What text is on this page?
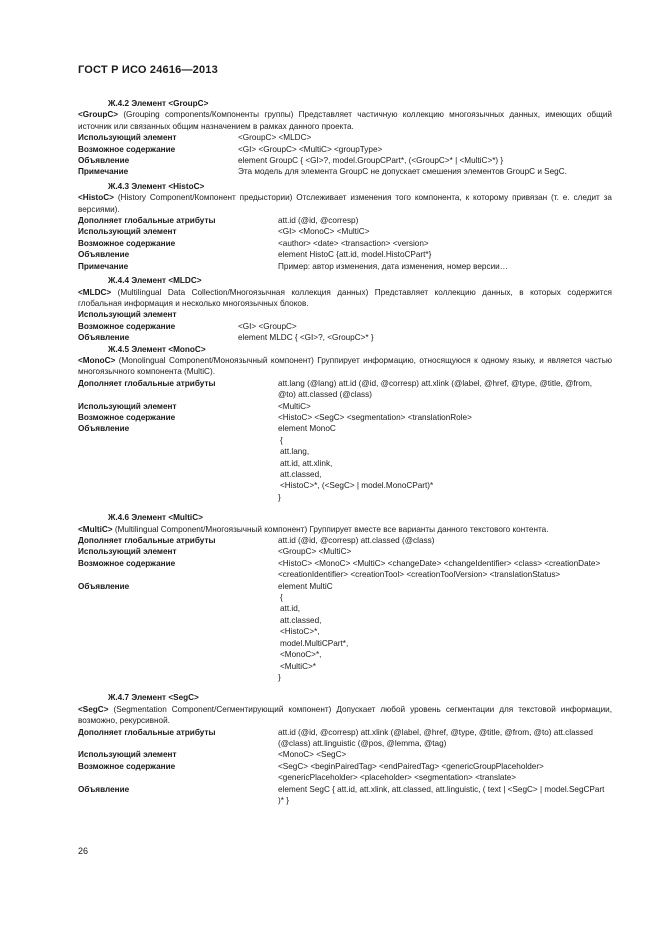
ГОСТ Р ИСО 24616—2013
Ж.4.2 Элемент <GroupC>
<GroupC> (Grouping components/Компоненты группы) Представляет частичную коллекцию многоязычных данных, имеющих общий источник или связанных общим назначением в рамках данного проекта.
Использующий элемент	<GroupC> <MLDC>
Возможное содержание	<GI> <GroupC> <MultiC> <groupType>
Объявление	element GroupC { <GI>?, model.GroupCPart*, (<GroupC>* | <MultiC>*) }
Примечание	Эта модель для элемента GroupC не допускает смешения элементов GroupC и SegC.
Ж.4.3 Элемент <HistoC>
<HistoC> (History Component/Компонент предыстории) Отслеживает изменения того компонента, к которому привязан (т. е. следит за версиями).
Дополняет глобальные атрибуты	att.id (@id, @corresp)
Использующий элемент	<GI> <MonoC> <MultiC>
Возможное содержание	<author> <date> <transaction> <version>
Объявление	element HistoC {att.id, model.HistoCPart*}
Примечание	Пример: автор изменения, дата изменения, номер версии…
Ж.4.4 Элемент <MLDC>
<MLDC> (Multilingual Data Collection/Многоязычная коллекция данных) Представляет коллекцию данных, в которых содержится глобальная информация и несколько многоязычных блоков.
Использующий элемент
Возможное содержание	<GI> <GroupC>
Объявление	element MLDC { <GI>?, <GroupC>* }
Ж.4.5 Элемент <MonoC>
<MonoC> (Monolingual Component/Моноязычный компонент) Группирует информацию, относящуюся к одному языку, и является частью многоязычного компонента (MultiC).
Дополняет глобальные атрибуты	att.lang (@lang) att.id (@id, @corresp) att.xlink (@label, @href, @type, @title, @from, @to) att.classed (@class)
Использующий элемент	<MultiC>
Возможное содержание	<HistoC> <SegC> <segmentation> <translationRole>
Объявление	element MonoC
{
att.lang,
att.id, att.xlink,
att.classed,
<HistoC>*, (<SegC> | model.MonoCPart)*
}
Ж.4.6 Элемент <MultiC>
<MultiC> (Multilingual Component/Многоязычный компонент) Группирует вместе все варианты данного текстового контента.
Дополняет глобальные атрибуты	att.id (@id, @corresp) att.classed (@class)
Использующий элемент	<GroupC> <MultiC>
Возможное содержание	<HistoC> <MonoC> <MultiC> <changeDate> <changeIdentifier> <class> <creationDate> <creationIdentifier> <creationTool> <creationToolVersion> <translationStatus>
Объявление	element MultiC
{
att.id,
att.classed,
<HistoC>*,
model.MultiCPart*,
<MonoC>*,
<MultiC>*
}
Ж.4.7 Элемент <SegC>
<SegC> (Segmentation Component/Сегментирующий компонент) Допускает любой уровень сегментации для текстовой информации, возможно, рекурсивной.
Дополняет глобальные атрибуты	att.id (@id, @corresp) att.xlink (@label, @href, @type, @title, @from, @to) att.classed (@class) att.linguistic (@pos, @lemma, @tag)
Использующий элемент	<MonoC> <SegC>
Возможное содержание	<SegC> <beginPairedTag> <endPairedTag> <genericGroupPlaceholder> <genericPlaceholder> <placeholder> <segmentation> <translate>
Объявление	element SegC { att.id, att.xlink, att.classed, att.linguistic, ( text | <SegC> | model.SegCPart )* }
26
